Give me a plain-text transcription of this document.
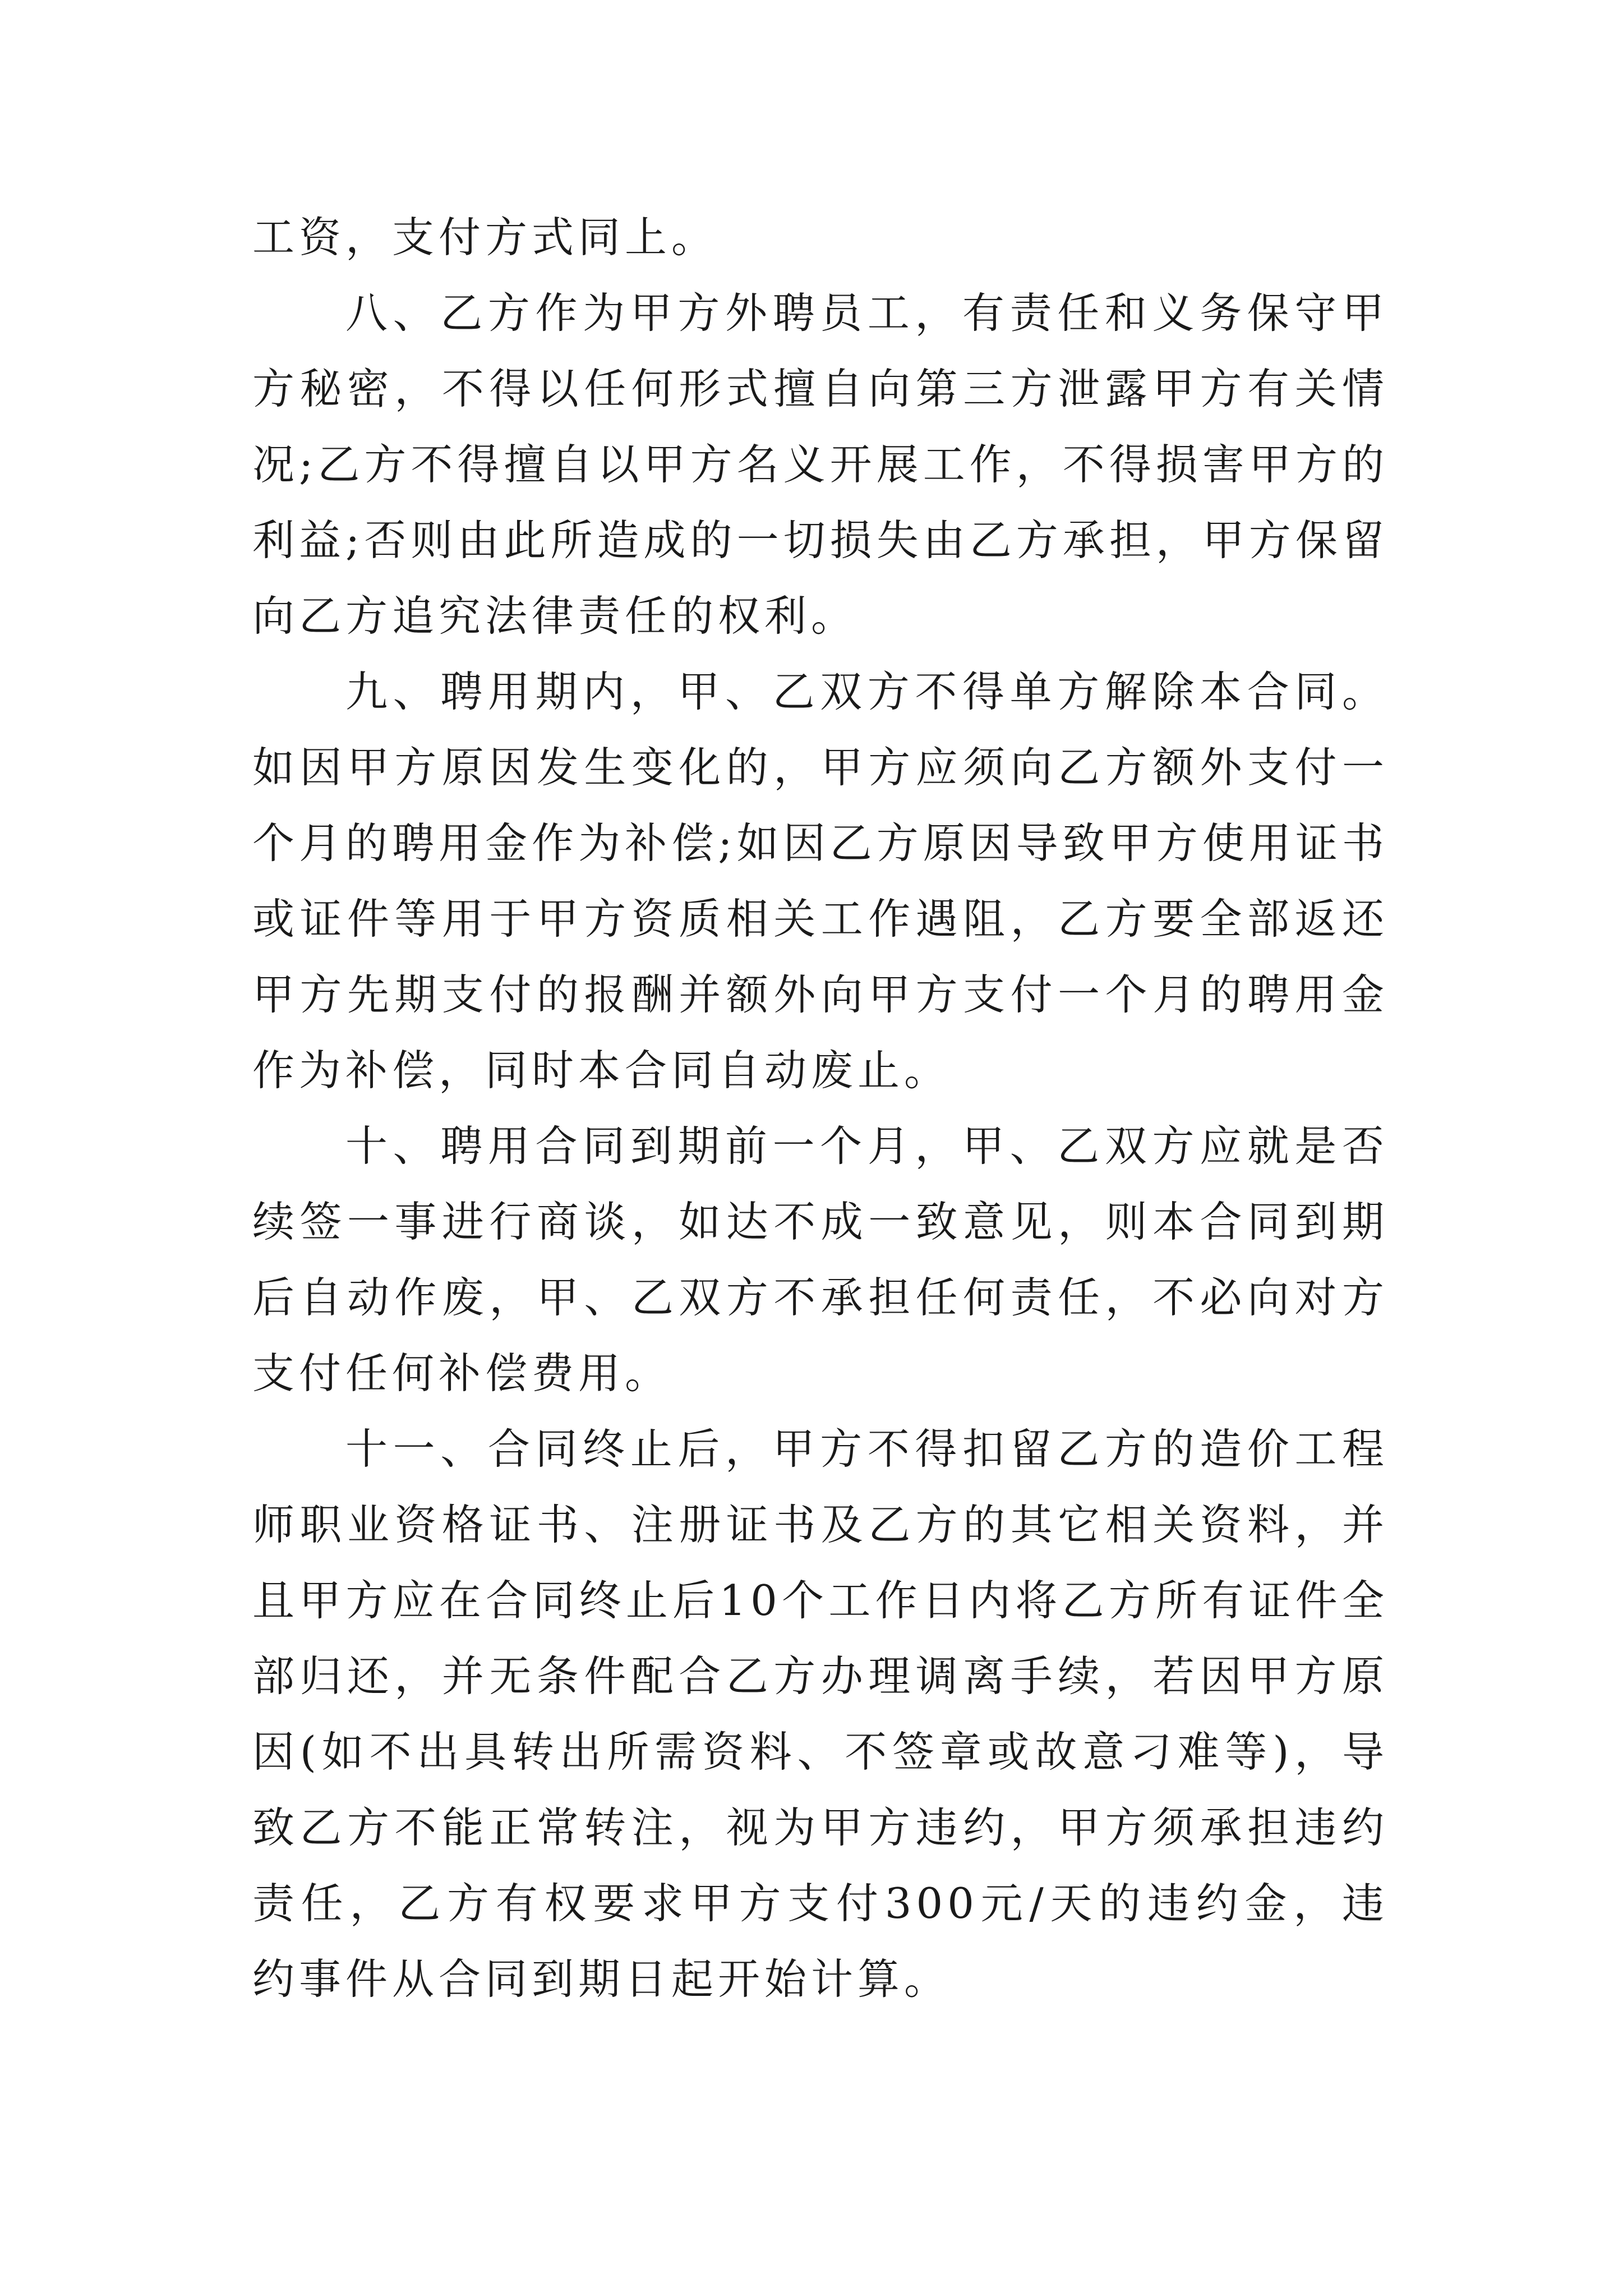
工资，支付方式同上。

八、乙方作为甲方外聘员工，有责任和义务保守甲方秘密，不得以任何形式擅自向第三方泄露甲方有关情况;乙方不得擅自以甲方名义开展工作，不得损害甲方的利益;否则由此所造成的一切损失由乙方承担，甲方保留向乙方追究法律责任的权利。

九、聘用期内，甲、乙双方不得单方解除本合同。如因甲方原因发生变化的，甲方应须向乙方额外支付一个月的聘用金作为补偿;如因乙方原因导致甲方使用证书或证件等用于甲方资质相关工作遇阻，乙方要全部返还甲方先期支付的报酬并额外向甲方支付一个月的聘用金作为补偿，同时本合同自动废止。

十、聘用合同到期前一个月，甲、乙双方应就是否续签一事进行商谈，如达不成一致意见，则本合同到期后自动作废，甲、乙双方不承担任何责任，不必向对方支付任何补偿费用。

十一、合同终止后，甲方不得扣留乙方的造价工程师职业资格证书、注册证书及乙方的其它相关资料，并且甲方应在合同终止后10个工作日内将乙方所有证件全部归还，并无条件配合乙方办理调离手续，若因甲方原因(如不出具转出所需资料、不签章或故意刁难等)，导致乙方不能正常转注，视为甲方违约，甲方须承担违约责任，乙方有权要求甲方支付300元/天的违约金，违约事件从合同到期日起开始计算。
